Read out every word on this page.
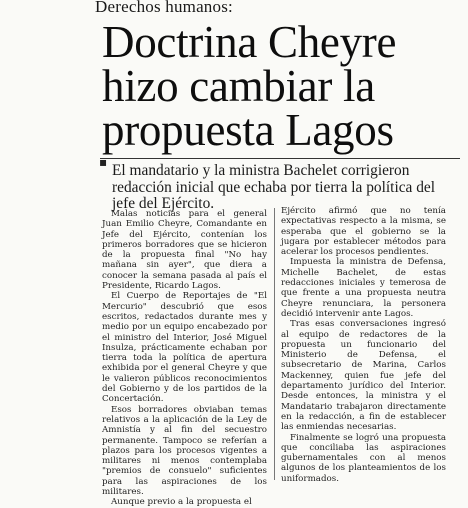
Derechos humanos:
Doctrina Cheyre
hizo cambiar la
propuesta Lagos
▪ El mandatario y la ministra Bachelet corrigieron redacción inicial que echaba por tierra la política del jefe del Ejército.

Malas noticias para el general Juan Emilio Cheyre, Comandante en Jefe del Ejército, contenían los primeros borradores que se hicieron de la propuesta final "No hay mañana sin ayer", que diera a conocer la semana pasada al país el Presidente, Ricardo Lagos.

El Cuerpo de Reportajes de "El Mercurio" descubrió que esos escritos, redactados durante mes y medio por un equipo encabezado por el ministro del Interior, José Miguel Insulza, prácticamente echaban por tierra toda la política de apertura exhibida por el general Cheyre y que le valieron públicos reconocimientos del Gobierno y de los partidos de la Concertación.

Esos borradores obviaban temas relativos a la aplicación de la Ley de Amnistía y al fin del secuestro permanente. Tampoco se referían a plazos para los procesos vigentes a militares ni menos contemplaba "premios de consuelo" suficientes para las aspiraciones de los militares.

Aunque previo a la propuesta el

Ejército afirmó que no tenía expectativas respecto a la misma, se esperaba que el gobierno se la jugara por establecer métodos para acelerar los procesos pendientes.

Impuesta la ministra de Defensa, Michelle Bachelet, de estas redacciones iniciales y temerosa de que frente a una propuesta neutra Cheyre renunciara, la personera decidió intervenir ante Lagos.

Tras esas conversaciones ingresó al equipo de redactores de la propuesta un funcionario del Ministerio de Defensa, el subsecretario de Marina, Carlos Mackenney, quien fue jefe del departamento jurídico del Interior. Desde entonces, la ministra y el Mandatario trabajaron directamente en la redacción, a fin de establecer las enmiendas necesarias.

Finalmente se logró una propuesta que conciliaba las aspiraciones gubernamentales con al menos algunos de los planteamientos de los uniformados.
